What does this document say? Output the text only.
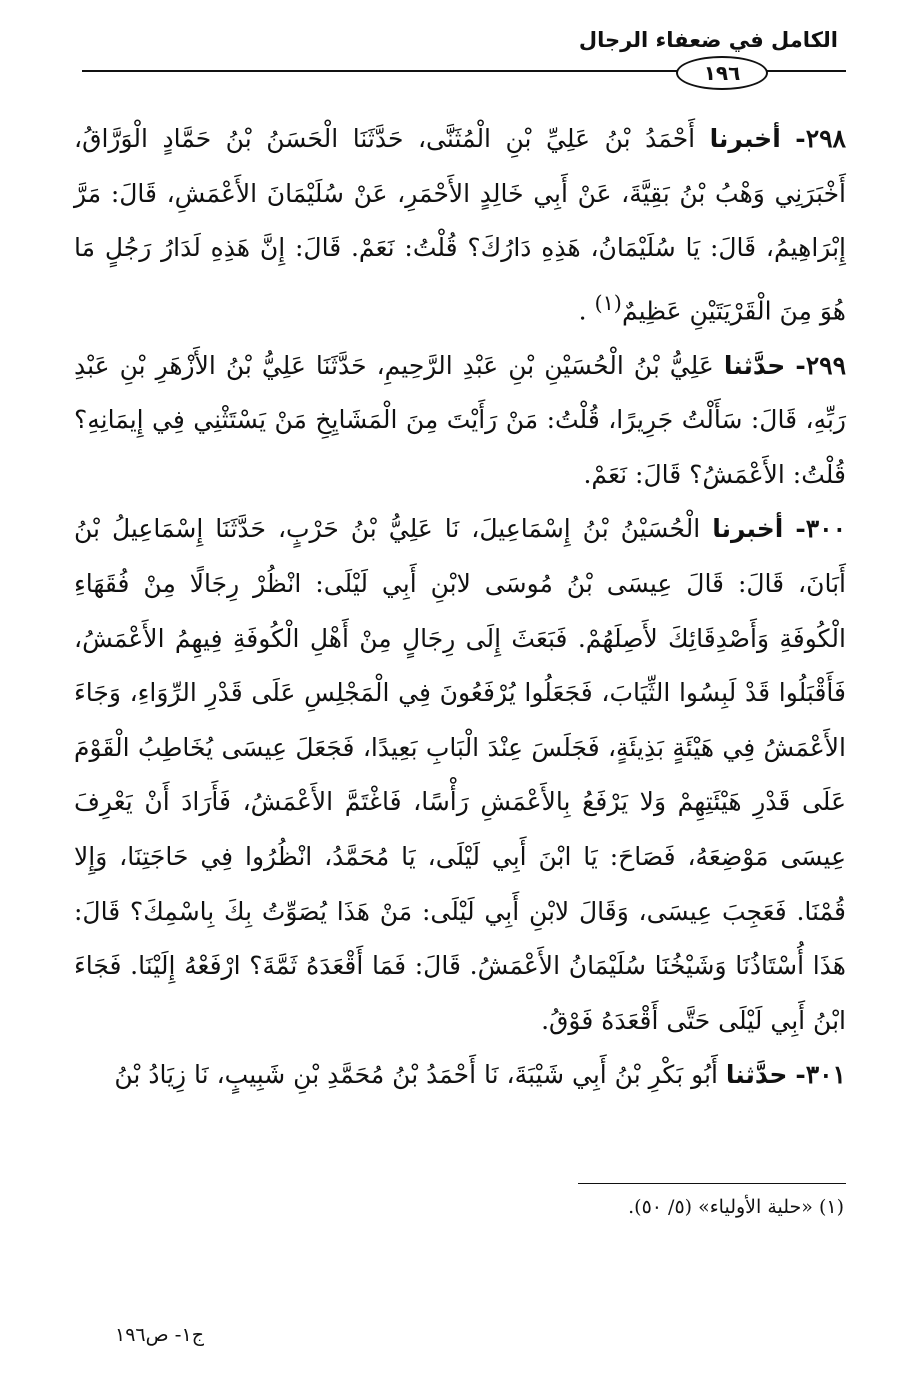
الكامل في ضعفاء الرجال
١٩٦

٢٩٨- أخبرنا أَحْمَدُ بْنُ عَلِيِّ بْنِ الْمُثَنَّى، حَدَّثَنَا الْحَسَنُ بْنُ حَمَّادٍ الْوَرَّاقُ، أَخْبَرَنِي وَهْبُ بْنُ بَقِيَّةَ، عَنْ أَبِي خَالِدٍ الأَحْمَرِ، عَنْ سُلَيْمَانَ الأَعْمَشِ، قَالَ: مَرَّ إِبْرَاهِيمُ، قَالَ: يَا سُلَيْمَانُ، هَذِهِ دَارُكَ؟ قُلْتُ: نَعَمْ. قَالَ: إِنَّ هَذِهِ لَدَارُ رَجُلٍ مَا هُوَ مِنَ الْقَرْيَتَيْنِ عَظِيمٌ$^{(١)}$ .

٢٩٩- حدَّثنا عَلِيُّ بْنُ الْحُسَيْنِ بْنِ عَبْدِ الرَّحِيمِ، حَدَّثَنَا عَلِيُّ بْنُ الأَزْهَرِ بْنِ عَبْدِ رَبِّهِ، قَالَ: سَأَلْتُ جَرِيرًا، قُلْتُ: مَنْ رَأَيْتَ مِنَ الْمَشَايِخِ مَنْ يَسْتَثْنِي فِي إِيمَانِهِ؟ قُلْتُ: الأَعْمَشُ؟ قَالَ: نَعَمْ.

٣٠٠- أخبرنا الْحُسَيْنُ بْنُ إِسْمَاعِيلَ، نَا عَلِيُّ بْنُ حَرْبٍ، حَدَّثَنَا إِسْمَاعِيلُ بْنُ أَبَانَ، قَالَ: قَالَ عِيسَى بْنُ مُوسَى لابْنِ أَبِي لَيْلَى: انْظُرْ رِجَالًا مِنْ فُقَهَاءِ الْكُوفَةِ وَأَصْدِقَائِكَ لأَصِلَهُمْ. فَبَعَثَ إِلَى رِجَالٍ مِنْ أَهْلِ الْكُوفَةِ فِيهِمُ الأَعْمَشُ، فَأَقْبَلُوا قَدْ لَبِسُوا الثِّيَابَ، فَجَعَلُوا يُرْفَعُونَ فِي الْمَجْلِسِ عَلَى قَدْرِ الرِّوَاءِ، وَجَاءَ الأَعْمَشُ فِي هَيْئَةٍ بَذِيئَةٍ، فَجَلَسَ عِنْدَ الْبَابِ بَعِيدًا، فَجَعَلَ عِيسَى يُخَاطِبُ الْقَوْمَ عَلَى قَدْرِ هَيْئَتِهِمْ وَلا يَرْفَعُ بِالأَعْمَشِ رَأْسًا، فَاغْتَمَّ الأَعْمَشُ، فَأَرَادَ أَنْ يَعْرِفَ عِيسَى مَوْضِعَهُ، فَصَاحَ: يَا ابْنَ أَبِي لَيْلَى، يَا مُحَمَّدُ، انْظُرُوا فِي حَاجَتِنَا، وَإِلا قُمْنَا. فَعَجِبَ عِيسَى، وَقَالَ لابْنِ أَبِي لَيْلَى: مَنْ هَذَا يُصَوِّتُ بِكَ بِاسْمِكَ؟ قَالَ: هَذَا أُسْتَاذُنَا وَشَيْخُنَا سُلَيْمَانُ الأَعْمَشُ. قَالَ: فَمَا أَقْعَدَهُ ثَمَّةَ؟ ارْفَعْهُ إِلَيْنَا. فَجَاءَ ابْنُ أَبِي لَيْلَى حَتَّى أَقْعَدَهُ فَوْقُ.

٣٠١- حدَّثنا أَبُو بَكْرِ بْنُ أَبِي شَيْبَةَ، نَا أَحْمَدُ بْنُ مُحَمَّدِ بْنِ شَبِيبٍ، نَا زِيَادُ بْنُ

(١) «حلية الأولياء» (٥/ ٥٠).
ج١- ص١٩٦
